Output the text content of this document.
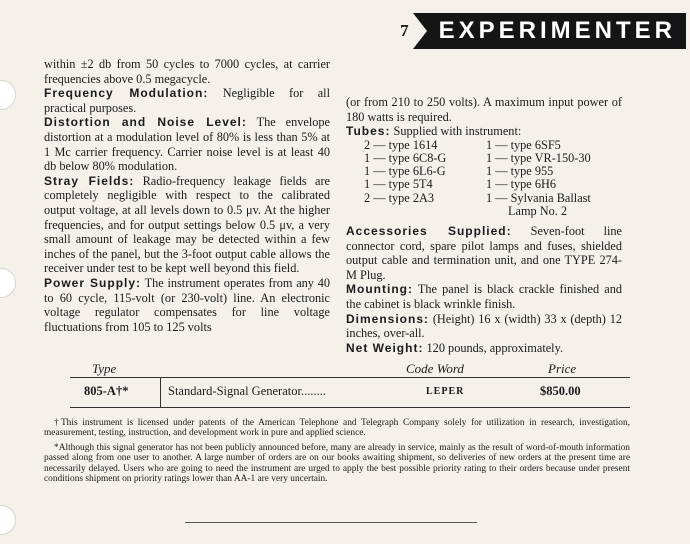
7 EXPERIMENTER

within ±2 db from 50 cycles to 7000 cycles, at carrier frequencies above 0.5 megacycle.

Frequency Modulation: Negligible for all practical purposes.

Distortion and Noise Level: The envelope distortion at a modulation level of 80% is less than 5% at 1 Mc carrier frequency. Carrier noise level is at least 40 db below 80% modulation.

Stray Fields: Radio-frequency leakage fields are completely negligible with respect to the calibrated output voltage, at all levels down to 0.5 μv. At the higher frequencies, and for output settings below 0.5 μv, a very small amount of leakage may be detected within a few inches of the panel, but the 3-foot output cable allows the receiver under test to be kept well beyond this field.

Power Supply: The instrument operates from any 40 to 60 cycle, 115-volt (or 230-volt) line. An electronic voltage regulator compensates for line voltage fluctuations from 105 to 125 volts

(or from 210 to 250 volts). A maximum input power of 180 watts is required.

Tubes: Supplied with instrument:

2 — type 1614	1 — type 6SF5
1 — type 6C8-G	1 — type VR-150-30
1 — type 6L6-G	1 — type 955
1 — type 5T4	1 — type 6H6
2 — type 2A3	1 — Sylvania Ballast
Lamp No. 2

Accessories Supplied: Seven-foot line connector cord, spare pilot lamps and fuses, shielded output cable and termination unit, and one TYPE 274-M Plug.

Mounting: The panel is black crackle finished and the cabinet is black wrinkle finish.

Dimensions: (Height) 16 x (width) 33 x (depth) 12 inches, over-all.

Net Weight: 120 pounds, approximately.

Type	Code Word	Price
805-A†*	Standard-Signal Generator........	LEPER	$850.00

†This instrument is licensed under patents of the American Telephone and Telegraph Company solely for utilization in research, investigation, measurement, testing, instruction, and development work in pure and applied science.

*Although this signal generator has not been publicly announced before, many are already in service, mainly as the result of word-of-mouth information passed along from one user to another. A large number of orders are on our books awaiting shipment, so deliveries of new orders at the present time are necessarily delayed. Users who are going to need the instrument are urged to apply the best possible priority rating to their orders because under present conditions shipment on priority ratings lower than AA-1 are very uncertain.
